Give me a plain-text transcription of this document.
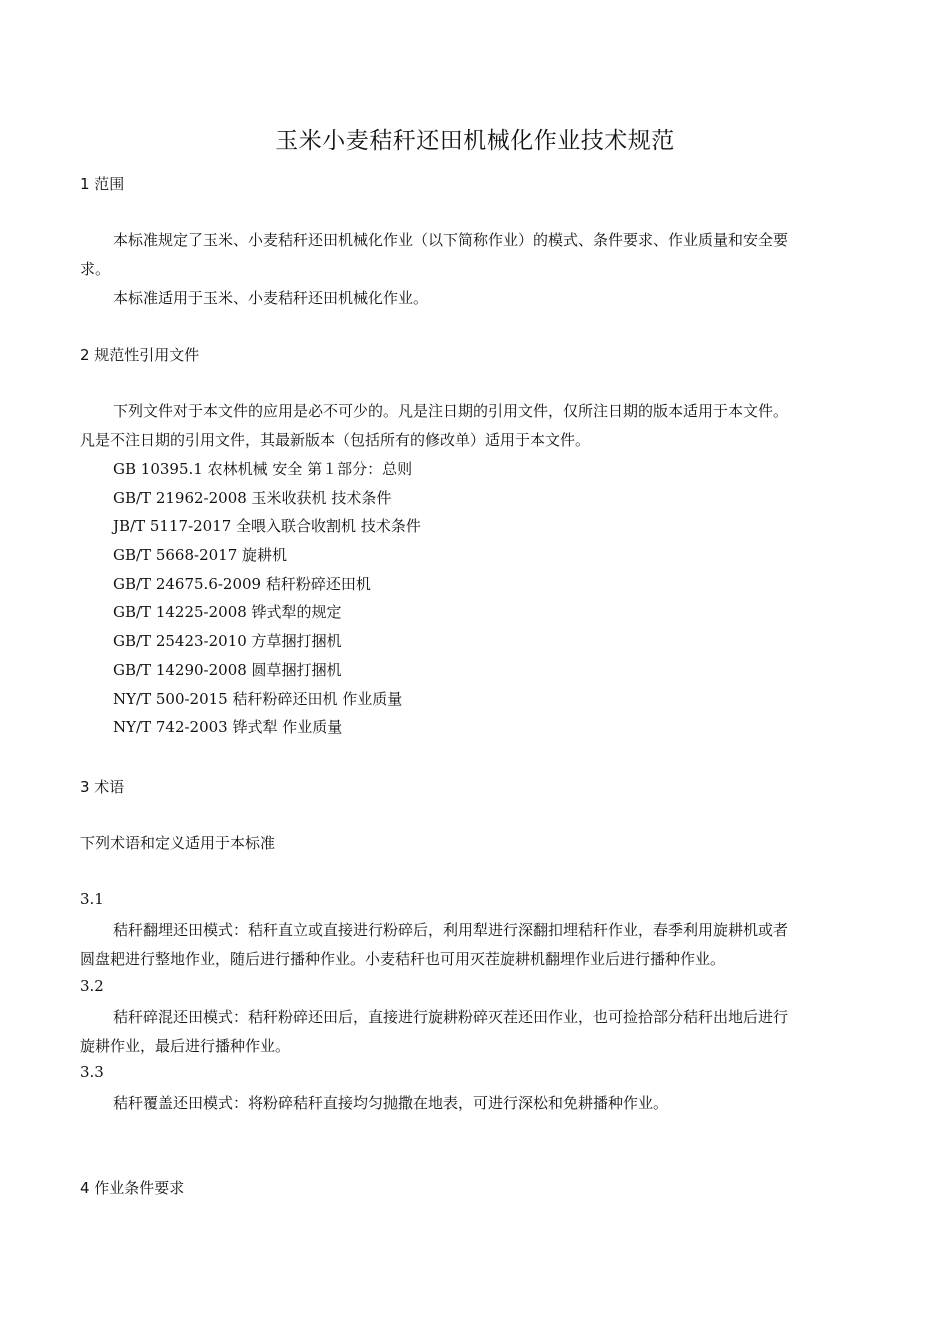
玉米小麦秸秆还田机械化作业技术规范
1 范围
本标准规定了玉米、小麦秸秆还田机械化作业（以下简称作业）的模式、条件要求、作业质量和安全要
求。
本标准适用于玉米、小麦秸秆还田机械化作业。
2 规范性引用文件
下列文件对于本文件的应用是必不可少的。凡是注日期的引用文件，仅所注日期的版本适用于本文件。
凡是不注日期的引用文件，其最新版本（包括所有的修改单）适用于本文件。
GB 10395.1 农林机械 安全 第１部分：总则
GB/T 21962-2008 玉米收获机 技术条件
JB/T 5117-2017 全喂入联合收割机 技术条件
GB/T 5668-2017 旋耕机
GB/T 24675.6-2009 秸秆粉碎还田机
GB/T 14225-2008 铧式犁的规定
GB/T 25423-2010 方草捆打捆机
GB/T 14290-2008 圆草捆打捆机
NY/T 500-2015 秸秆粉碎还田机 作业质量
NY/T 742-2003 铧式犁 作业质量
3 术语
下列术语和定义适用于本标准
3.1
秸秆翻埋还田模式：秸秆直立或直接进行粉碎后，利用犁进行深翻扣埋秸秆作业，春季利用旋耕机或者
圆盘耙进行整地作业，随后进行播种作业。小麦秸秆也可用灭茬旋耕机翻埋作业后进行播种作业。
3.2
秸秆碎混还田模式：秸秆粉碎还田后，直接进行旋耕粉碎灭茬还田作业，也可捡拾部分秸秆出地后进行
旋耕作业，最后进行播种作业。
3.3
秸秆覆盖还田模式：将粉碎秸秆直接均匀抛撒在地表，可进行深松和免耕播种作业。
4 作业条件要求
